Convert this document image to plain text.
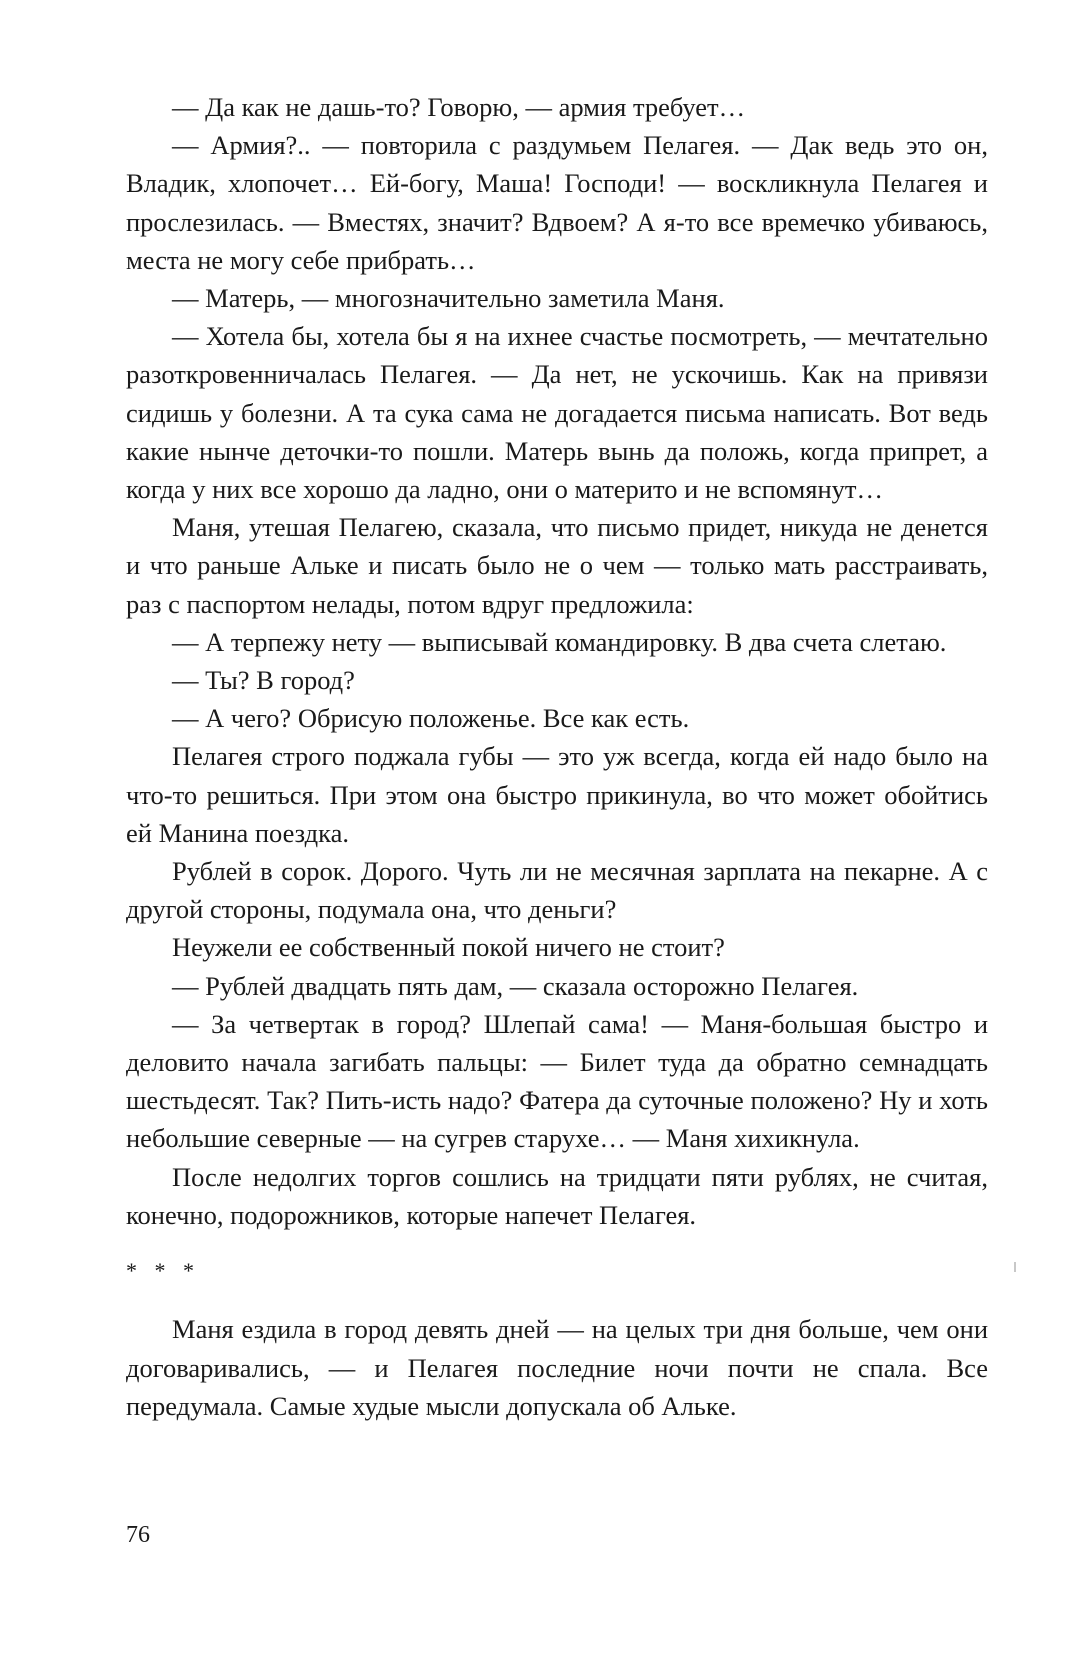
— Да как не дашь-то? Говорю, — армия требует…

— Армия?.. — повторила с раздумьем Пелагея. — Дак ведь это он, Владик, хлопочет… Ей-богу, Маша! Господи! — воскликнула Пелагея и прослезилась. — Вместях, значит? Вдвоем? А я-то все времечко убиваюсь, места не могу себе прибрать…

— Матерь, — многозначительно заметила Маня.

— Хотела бы, хотела бы я на ихнее счастье посмотреть, — мечтательно разоткровенничалась Пелагея. — Да нет, не ускочишь. Как на привязи сидишь у болезни. А та сука сама не догадается письма написать. Вот ведь какие нынче деточки-то пошли. Матерь вынь да положь, когда припрет, а когда у них все хорошо да ладно, они о материто и не вспомянут…

Маня, утешая Пелагею, сказала, что письмо придет, никуда не денется и что раньше Альке и писать было не о чем — только мать расстраивать, раз с паспортом нелады, потом вдруг предложила:

— А терпежу нету — выписывай командировку. В два счета слетаю.

— Ты? В город?

— А чего? Обрисую положенье. Все как есть.

Пелагея строго поджала губы — это уж всегда, когда ей надо было на что-то решиться. При этом она быстро прикинула, во что может обойтись ей Манина поездка.

Рублей в сорок. Дорого. Чуть ли не месячная зарплата на пекарне. А с другой стороны, подумала она, что деньги?

Неужели ее собственный покой ничего не стоит?

— Рублей двадцать пять дам, — сказала осторожно Пелагея.

— За четвертак в город? Шлепай сама! — Маня-большая быстро и деловито начала загибать пальцы: — Билет туда да обратно семнадцать шестьдесят. Так? Пить-исть надо? Фатера да суточные положено? Ну и хоть небольшие северные — на сугрев старухе… — Маня хихикнула.

После недолгих торгов сошлись на тридцати пяти рублях, не считая, конечно, подорожников, которые напечет Пелагея.

* * *

Маня ездила в город девять дней — на целых три дня больше, чем они договаривались, — и Пелагея последние ночи почти не спала. Все передумала. Самые худые мысли допускала об Альке.

76
